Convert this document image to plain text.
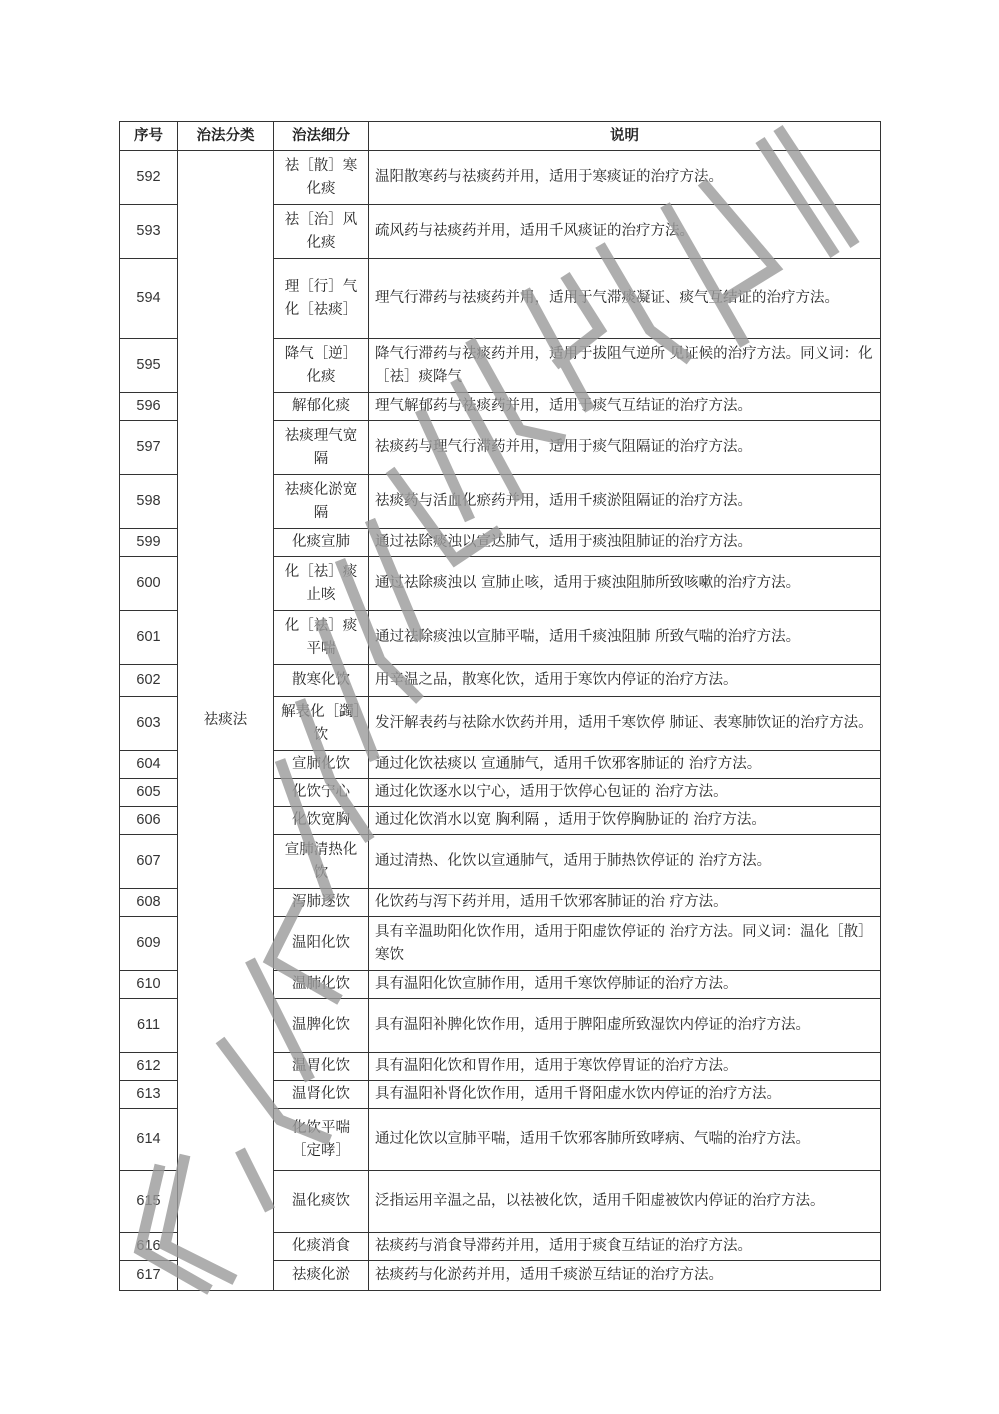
序号	治法分类	治法细分	说明
592	祛痰法	祛［散］寒化痰	温阳散寒药与祛痰药并用，适用于寒痰证的治疗方法。
593		祛［治］风化痰	疏风药与祛痰药并用，适用千风痰证的治疗方法。
594		理［行］气化［祛痰］	理气行滞药与祛痰药并用，适用于气滞痰凝证、痰气互结证的治疗方法。
595		降气［逆］化痰	降气行滞药与祛痰药并用，适用于拔阻气逆所 见证候的治疗方法。同义词：化［祛］痰降气
596		解郁化痰	理气解郁药与祛痰药并用，适用于痰气互结证的治疗方法。
597		祛痰理气宽隔	祛痰药与理气行滞药并用，适用于痰气阻隔证的治疗方法。
598		祛痰化淤宽隔	祛痰药与活血化瘀药并用，适用千痰淤阻隔证的治疗方法。
599		化痰宣肺	通过祛除痰浊以宣达肺气，适用于痰浊阻肺证的治疗方法。
600		化［祛］痰止咳	通过祛除痰浊以 宣肺止咳，适用于痰浊阻肺所致咳嗽的治疗方法。
601		化［祛］痰平喘	通过祛除痰浊以宣肺平喘，适用千痰浊阻肺 所致气喘的治疗方法。
602		散寒化饮	用辛温之品，散寒化饮，适用于寒饮内停证的治疗方法。
603		解表化［蠲］饮	发汗解表药与祛除水饮药并用，适用千寒饮停 肺证、表寒肺饮证的治疗方法。
604		宣肺化饮	通过化饮祛痰以 宣通肺气，适用千饮邪客肺证的 治疗方法。
605		化饮宁心	通过化饮逐水以宁心，适用于饮停心包证的 治疗方法。
606		化饮宽胸	通过化饮消水以宽 胸利隔 ，适用于饮停胸胁证的 治疗方法。
607		宣肺清热化饮	通过清热、化饮以宣通肺气，适用于肺热饮停证的 治疗方法。
608		泻肺逐饮	化饮药与泻下药并用，适用千饮邪客肺证的治 疗方法。
609		温阳化饮	具有辛温助阳化饮作用，适用于阳虚饮停证的 治疗方法。同义词：温化［散］寒饮
610		温肺化饮	具有温阳化饮宣肺作用，适用千寒饮停肺证的治疗方法。
611		温脾化饮	具有温阳补脾化饮作用，适用于脾阳虚所致湿饮内停证的治疗方法。
612		温胃化饮	具有温阳化饮和胃作用，适用于寒饮停胃证的治疗方法。
613		温肾化饮	具有温阳补肾化饮作用，适用千肾阳虚水饮内停证的治疗方法。
614		化饮平喘［定哮］	通过化饮以宣肺平喘，适用千饮邪客肺所致哮病、气喘的治疗方法。
615		温化痰饮	泛指运用辛温之品，以祛被化饮，适用千阳虚被饮内停证的治疗方法。
616		化痰消食	祛痰药与消食导滞药并用，适用于痰食互结证的治疗方法。
617		祛痰化淤	祛痰药与化淤药并用，适用千痰淤互结证的治疗方法。
